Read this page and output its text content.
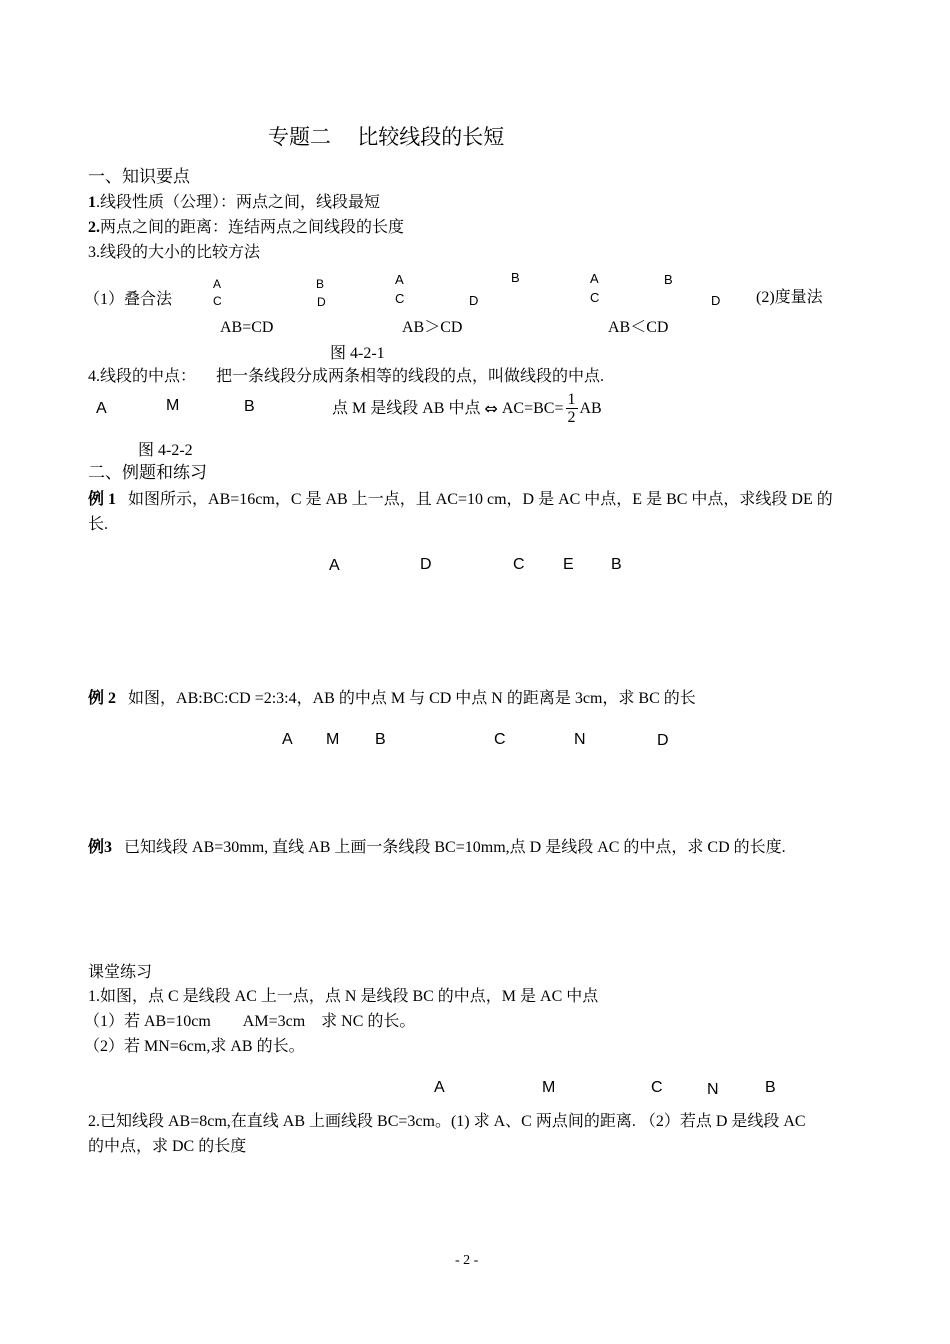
专题二　 比较线段的长短
一、知识要点
1.线段性质（公理）：两点之间，线段最短
2.两点之间的距离：连结两点之间线段的长度
3.线段的大小的比较方法
（1）叠合法
A
C
B
D
A
C
B
D
A
C
B
D (2)度量法
AB=CD	AB＞CD	AB＜CD
图 4-2-1
4.线段的中点： 把一条线段分成两条相等的线段的点，叫做线段的中点.
A	M	B	点 M 是线段 AB 中点 ⇔ $AC=BC= \frac{1}{2}$ AB
图 4-2-2
二、例题和练习
例 1 如图所示，AB=16cm，C 是 AB 上一点，且 AC=10 cm，D 是 AC 中点，E 是 BC 中点，求线段 DE 的
长.
A	D	C E B
例 2 如图，AB:BC:CD =2:3:4，AB 的中点 M 与 CD 中点 N 的距离是 3cm，求 BC 的长
A M B	C	N	D
例3 已知线段 AB=30mm, 直线 AB 上画一条线段 BC=10mm,点 D 是线段 AC 的中点，求 CD 的长度.
课堂练习
1.如图，点 C 是线段 AC 上一点，点 N 是线段 BC 的中点，M 是 AC 中点
（1）若 AB=10cm　　AM=3cm　求 NC 的长。
（2）若 MN=6cm,求 AB 的长。
A	M	C	N	B
2.已知线段 AB=8cm,在直线 AB 上画线段 BC=3cm。(1) 求 A、C 两点间的距离. （2）若点 D 是线段 AC
的中点，求 DC 的长度
- 2 -
